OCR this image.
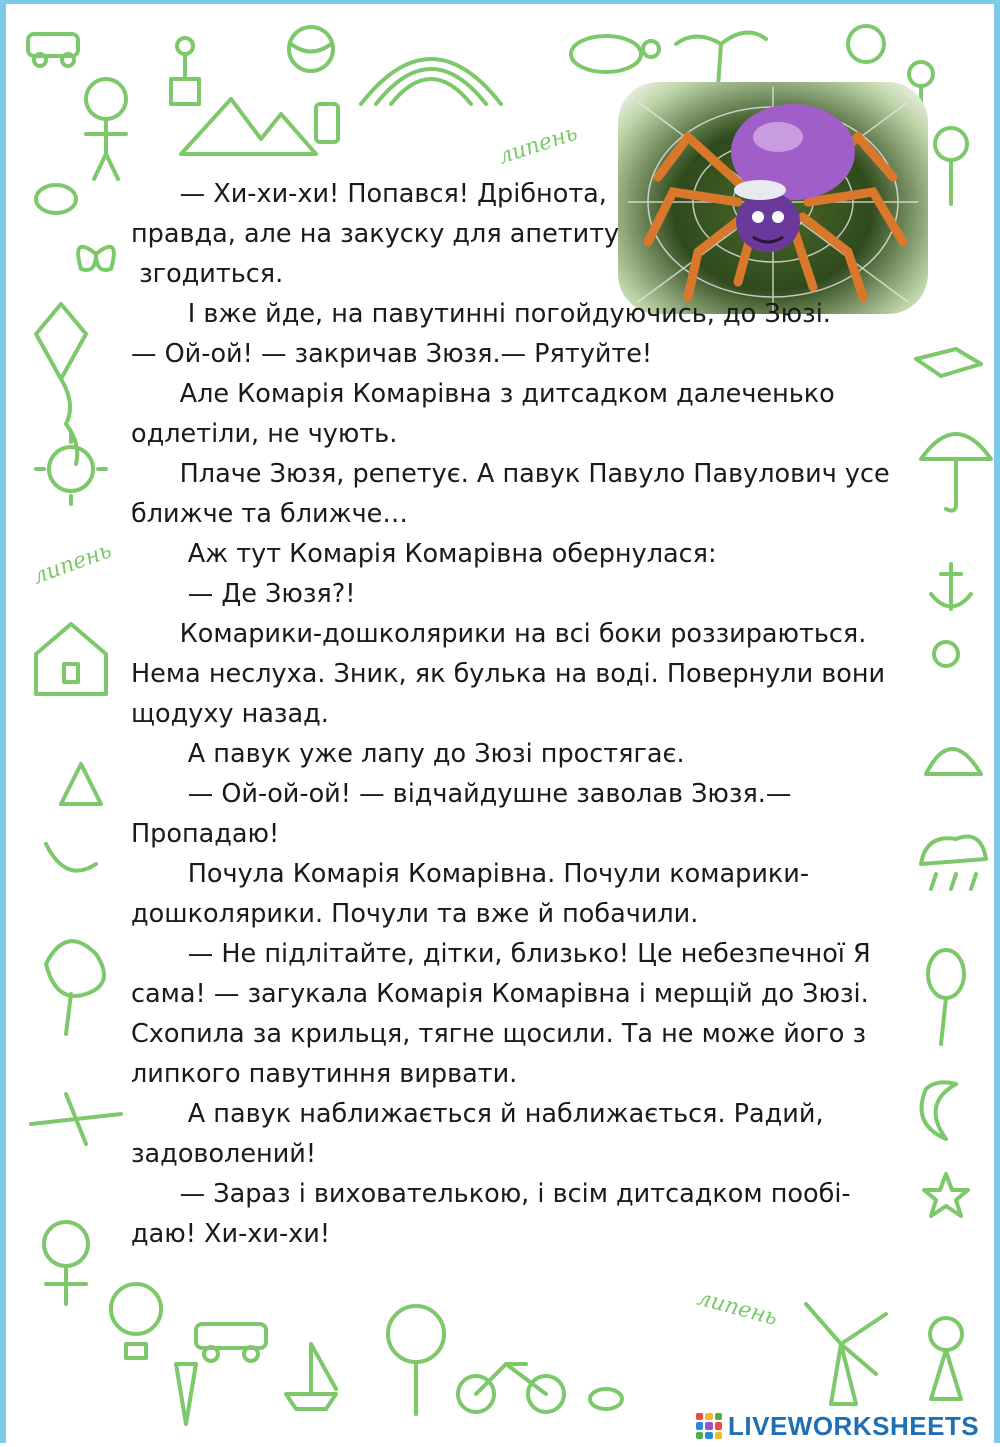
липень
липень
липень

— Хи-хи-хи! Попався! Дрібнота,

правда, але на закуску для апетиту

згодиться.

І вже йде, на павутинні погойдуючись, до Зюзі.

— Ой-ой! — закричав Зюзя.— Рятуйте!

Але Комарія Комарівна з дитсадком далеченько

одлетіли, не чують.

Плаче Зюзя, репетує. А павук Павуло Павулович усе

ближче та ближче…

Аж тут Комарія Комарівна обернулася:

— Де Зюзя?!

Комарики-дошколярики на всі боки роззираються.

Нема неслуха. Зник, як булька на воді. Повернули вони

щодуху назад.

А павук уже лапу до Зюзі простягає.

— Ой-ой-ой! — відчайдушне заволав Зюзя.—

Пропадаю!

Почула Комарія Комарівна. Почули комарики-

дошколярики. Почули та вже й побачили.

— Не підлітайте, дітки, близько! Це небезпечної Я

сама! — загукала Комарія Комарівна і мерщій до Зюзі.

Схопила за крильця, тягне щосили. Та не може його з

липкого павутиння вирвати.

А павук наближається й наближається. Радий,

задоволений!

— Зараз і вихователькою, і всім дитсадком пообі-

даю! Хи-хи-хи!

LIVEWORKSHEETS
